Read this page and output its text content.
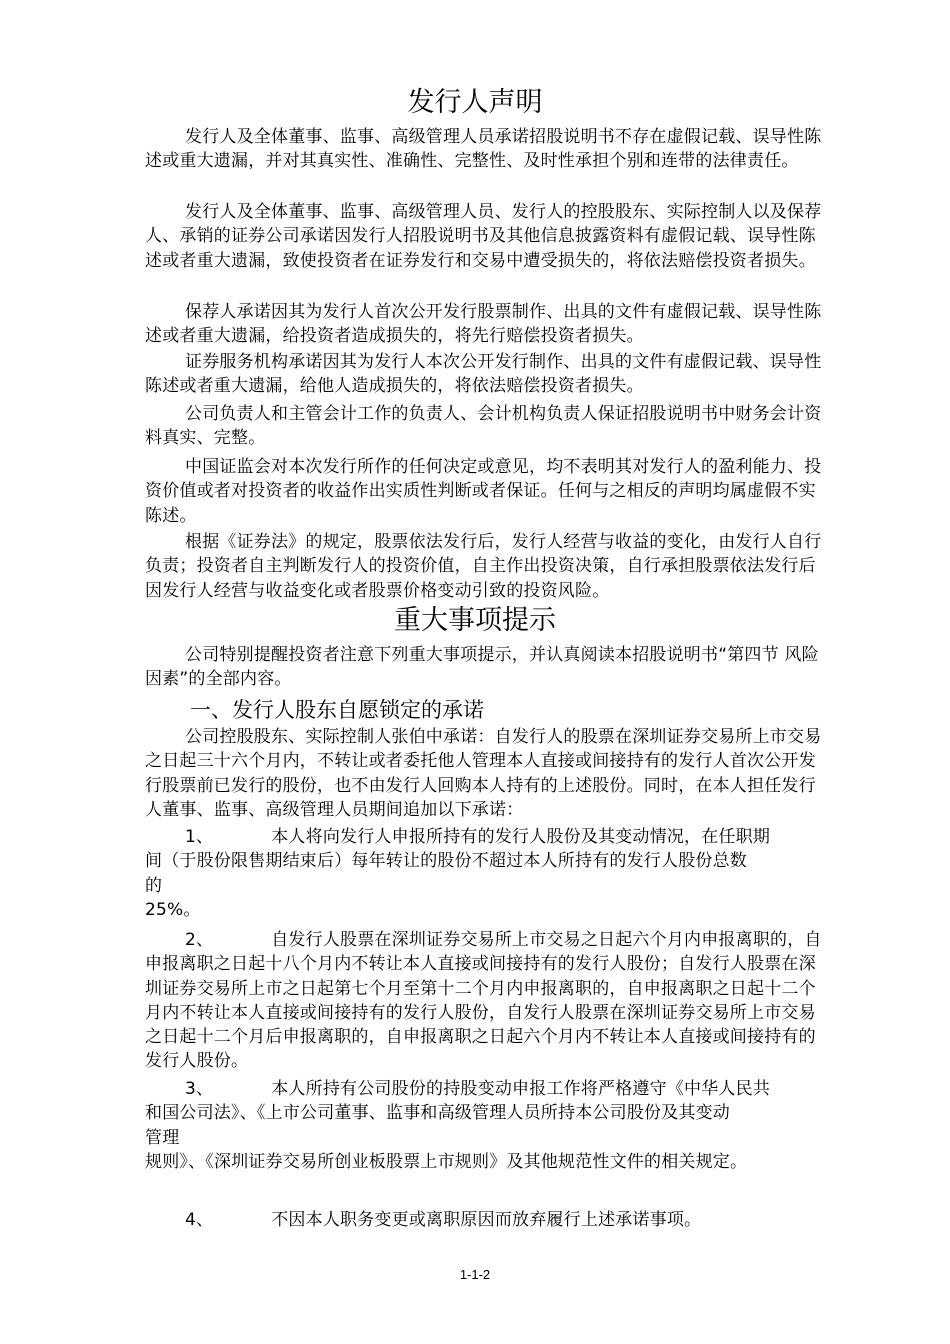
发行人声明

发行人及全体董事、监事、高级管理人员承诺招股说明书不存在虚假记载、误导性陈述或重大遗漏，并对其真实性、准确性、完整性、及时性承担个别和连带的法律责任。

发行人及全体董事、监事、高级管理人员、发行人的控股股东、实际控制人以及保荐人、承销的证券公司承诺因发行人招股说明书及其他信息披露资料有虚假记载、误导性陈述或者重大遗漏，致使投资者在证券发行和交易中遭受损失的，将依法赔偿投资者损失。

保荐人承诺因其为发行人首次公开发行股票制作、出具的文件有虚假记载、误导性陈述或者重大遗漏，给投资者造成损失的，将先行赔偿投资者损失。

证券服务机构承诺因其为发行人本次公开发行制作、出具的文件有虚假记载、误导性陈述或者重大遗漏，给他人造成损失的，将依法赔偿投资者损失。

公司负责人和主管会计工作的负责人、会计机构负责人保证招股说明书中财务会计资料真实、完整。

中国证监会对本次发行所作的任何决定或意见，均不表明其对发行人的盈利能力、投资价值或者对投资者的收益作出实质性判断或者保证。任何与之相反的声明均属虚假不实陈述。

根据《证券法》的规定，股票依法发行后，发行人经营与收益的变化，由发行人自行负责；投资者自主判断发行人的投资价值，自主作出投资决策，自行承担股票依法发行后因发行人经营与收益变化或者股票价格变动引致的投资风险。

重大事项提示

公司特别提醒投资者注意下列重大事项提示，并认真阅读本招股说明书“第四节 风险因素”的全部内容。

一、发行人股东自愿锁定的承诺

公司控股股东、实际控制人张伯中承诺：自发行人的股票在深圳证券交易所上市交易之日起三十六个月内，不转让或者委托他人管理本人直接或间接持有的发行人首次公开发行股票前已发行的股份，也不由发行人回购本人持有的上述股份。同时，在本人担任发行人董事、监事、高级管理人员期间追加以下承诺：

1、	本人将向发行人申报所持有的发行人股份及其变动情况，在任职期
间（于股份限售期结束后）每年转让的股份不超过本人所持有的发行人股份总数
的
25%。

2、	自发行人股票在深圳证券交易所上市交易之日起六个月内申报离职的，自申报离职之日起十八个月内不转让本人直接或间接持有的发行人股份；自发行人股票在深圳证券交易所上市之日起第七个月至第十二个月内申报离职的，自申报离职之日起十二个月内不转让本人直接或间接持有的发行人股份，自发行人股票在深圳证券交易所上市交易之日起十二个月后申报离职的，自申报离职之日起六个月内不转让本人直接或间接持有的发行人股份。

3、	本人所持有公司股份的持股变动申报工作将严格遵守《中华人民共
和国公司法》、《上市公司董事、监事和高级管理人员所持本公司股份及其变动
管理
规则》、《深圳证券交易所创业板股票上市规则》及其他规范性文件的相关规定。

4、	不因本人职务变更或离职原因而放弃履行上述承诺事项。

1-1-2
